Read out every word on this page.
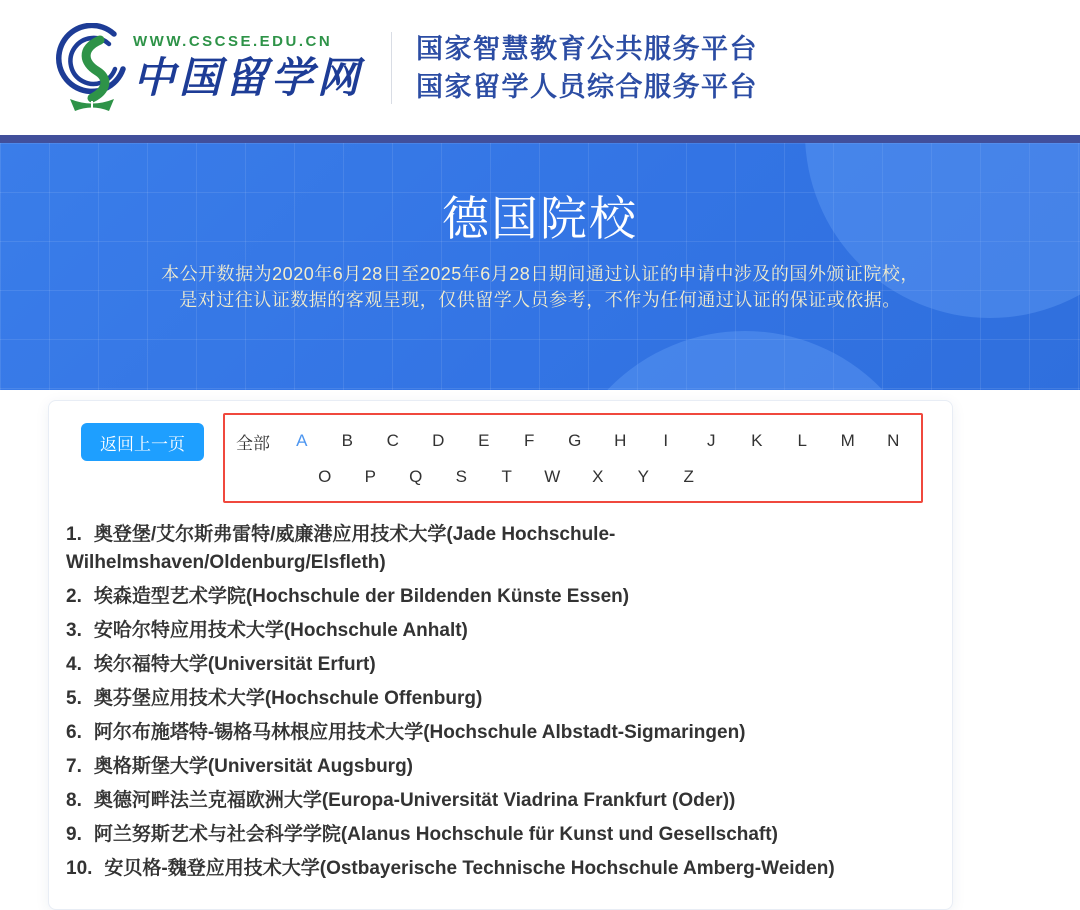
WWW.CSCSE.EDU.CN
中国留学网
国家智慧教育公共服务平台
国家留学人员综合服务平台
德国院校

本公开数据为2020年6月28日至2025年6月28日期间通过认证的申请中涉及的国外颁证院校，
是对过往认证数据的客观呈现，仅供留学人员参考，不作为任何通过认证的保证或依据。

返回上一页	全部	A	B	C	D	E	F	G	H	I	J	K	L	M	N
O	P	Q	S	T	W	X	Y	Z
1. 奥登堡/艾尔斯弗雷特/威廉港应用技术大学(Jade Hochschule-Wilhelmshaven/Oldenburg/Elsfleth)
2. 埃森造型艺术学院(Hochschule der Bildenden Künste Essen)
3. 安哈尔特应用技术大学(Hochschule Anhalt)
4. 埃尔福特大学(Universität Erfurt)
5. 奥芬堡应用技术大学(Hochschule Offenburg)
6. 阿尔布施塔特-锡格马林根应用技术大学(Hochschule Albstadt-Sigmaringen)
7. 奥格斯堡大学(Universität Augsburg)
8. 奥德河畔法兰克福欧洲大学(Europa-Universität Viadrina Frankfurt (Oder))
9. 阿兰努斯艺术与社会科学学院(Alanus Hochschule für Kunst und Gesellschaft)
10. 安贝格-魏登应用技术大学(Ostbayerische Technische Hochschule Amberg-Weiden)
